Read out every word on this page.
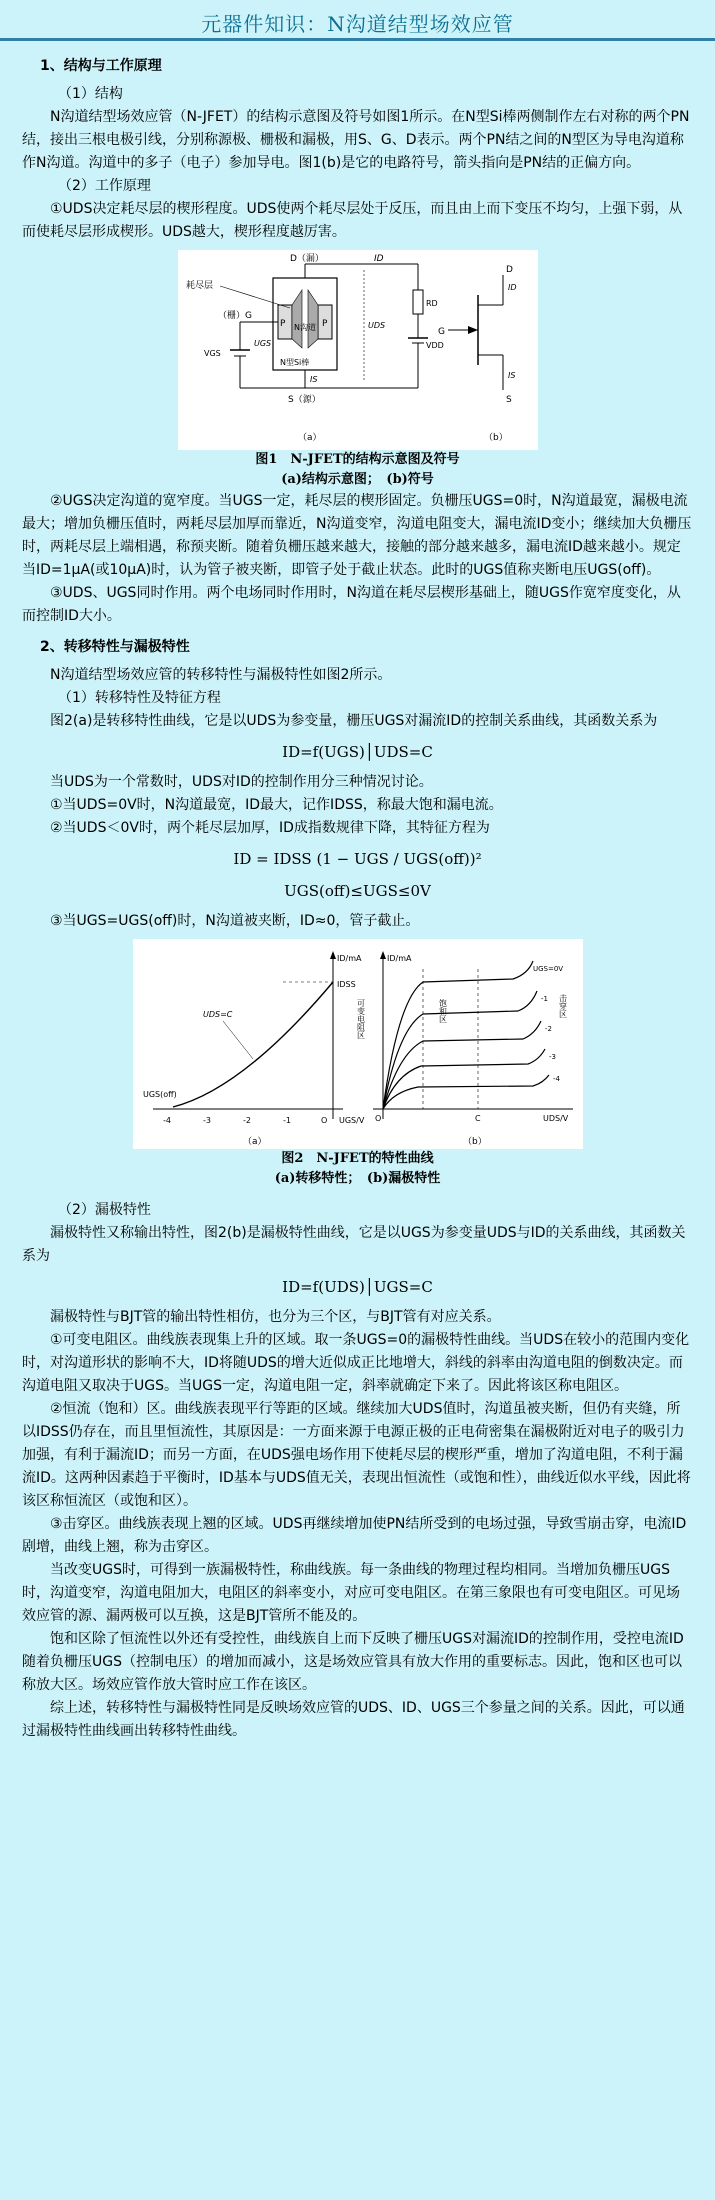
元器件知识：N沟道结型场效应管
1、结构与工作原理

（1）结构

N沟道结型场效应管（N-JFET）的结构示意图及符号如图1所示。在N型Si棒两侧制作左右对称的两个PN结，接出三根电极引线，分别称源极、栅极和漏极，用S、G、D表示。两个PN结之间的N型区为导电沟道称作N沟道。沟道中的多子（电子）参加导电。图1(b)是它的电路符号，箭头指向是PN结的正偏方向。

（2）工作原理

①UDS决定耗尽层的楔形程度。UDS使两个耗尽层处于反压，而且由上而下变压不均匀，上强下弱，从而使耗尽层形成楔形。UDS越大，楔形程度越厉害。

P	P
N沟道
N型Si棒
耗尽层
D（漏）	ID
RD
VDD
UDS
IS
S（源）
（栅）G
VGS
UGS
（a）
G
D
ID
IS
S
（b）
图1　N-JFET的结构示意图及符号
(a)结构示意图；　(b)符号

②UGS决定沟道的宽窄度。当UGS一定，耗尽层的楔形固定。负栅压UGS=0时，N沟道最宽，漏极电流最大；增加负栅压值时，两耗尽层加厚而靠近，N沟道变窄，沟道电阻变大，漏电流ID变小；继续加大负栅压时，两耗尽层上端相遇，称预夹断。随着负栅压越来越大，接触的部分越来越多，漏电流ID越来越小。规定当ID=1μA(或10μA)时，认为管子被夹断，即管子处于截止状态。此时的UGS值称夹断电压UGS(off)。

③UDS、UGS同时作用。两个电场同时作用时，N沟道在耗尽层楔形基础上，随UGS作宽窄度变化，从而控制ID大小。

2、转移特性与漏极特性

N沟道结型场效应管的转移特性与漏极特性如图2所示。

（1）转移特性及特征方程

图2(a)是转移特性曲线，它是以UDS为参变量，栅压UGS对漏流ID的控制关系曲线，其函数关系为

ID=f(UGS)│UDS=C

当UDS为一个常数时，UDS对ID的控制作用分三种情况讨论。

①当UDS=0V时，N沟道最宽，ID最大，记作IDSS，称最大饱和漏电流。

②当UDS＜0V时，两个耗尽层加厚，ID成指数规律下降，其特征方程为

ID = IDSS (1 − UGS / UGS(off))²
UGS(off)≤UGS≤0V

③当UGS=UGS(off)时，N沟道被夹断，ID≈0，管子截止。

ID/mA
IDSS
UDS=C
UGS(off)
-4	-3	-2	-1	O UGS/V
（a）
ID/mA
UGS=0V
-1
-2
-3
-4
可变电阻区	饱和区	击穿区
O	C	UDS/V
（b）
图2　N-JFET的特性曲线
(a)转移特性；　(b)漏极特性

（2）漏极特性

漏极特性又称输出特性，图2(b)是漏极特性曲线，它是以UGS为参变量UDS与ID的关系曲线，其函数关系为

ID=f(UDS)│UGS=C

漏极特性与BJT管的输出特性相仿，也分为三个区，与BJT管有对应关系。

①可变电阻区。曲线族表现集上升的区域。取一条UGS=0的漏极特性曲线。当UDS在较小的范围内变化时，对沟道形状的影响不大，ID将随UDS的增大近似成正比地增大，斜线的斜率由沟道电阻的倒数决定。而沟道电阻又取决于UGS。当UGS一定，沟道电阻一定，斜率就确定下来了。因此将该区称电阻区。

②恒流（饱和）区。曲线族表现平行等距的区域。继续加大UDS值时，沟道虽被夹断，但仍有夹缝，所以IDSS仍存在，而且里恒流性，其原因是：一方面来源于电源正极的正电荷密集在漏极附近对电子的吸引力加强，有利于漏流ID；而另一方面，在UDS强电场作用下使耗尽层的楔形严重，增加了沟道电阻，不利于漏流ID。这两种因素趋于平衡时，ID基本与UDS值无关，表现出恒流性（或饱和性），曲线近似水平线，因此将该区称恒流区（或饱和区）。

③击穿区。曲线族表现上翘的区域。UDS再继续增加使PN结所受到的电场过强，导致雪崩击穿，电流ID剧增，曲线上翘，称为击穿区。

当改变UGS时，可得到一族漏极特性，称曲线族。每一条曲线的物理过程均相同。当增加负栅压UGS时，沟道变窄，沟道电阻加大，电阻区的斜率变小，对应可变电阻区。在第三象限也有可变电阻区。可见场效应管的源、漏两极可以互换，这是BJT管所不能及的。

饱和区除了恒流性以外还有受控性，曲线族自上而下反映了栅压UGS对漏流ID的控制作用，受控电流ID随着负栅压UGS（控制电压）的增加而减小，这是场效应管具有放大作用的重要标志。因此，饱和区也可以称放大区。场效应管作放大管时应工作在该区。

综上述，转移特性与漏极特性同是反映场效应管的UDS、ID、UGS三个参量之间的关系。因此，可以通过漏极特性曲线画出转移特性曲线。
